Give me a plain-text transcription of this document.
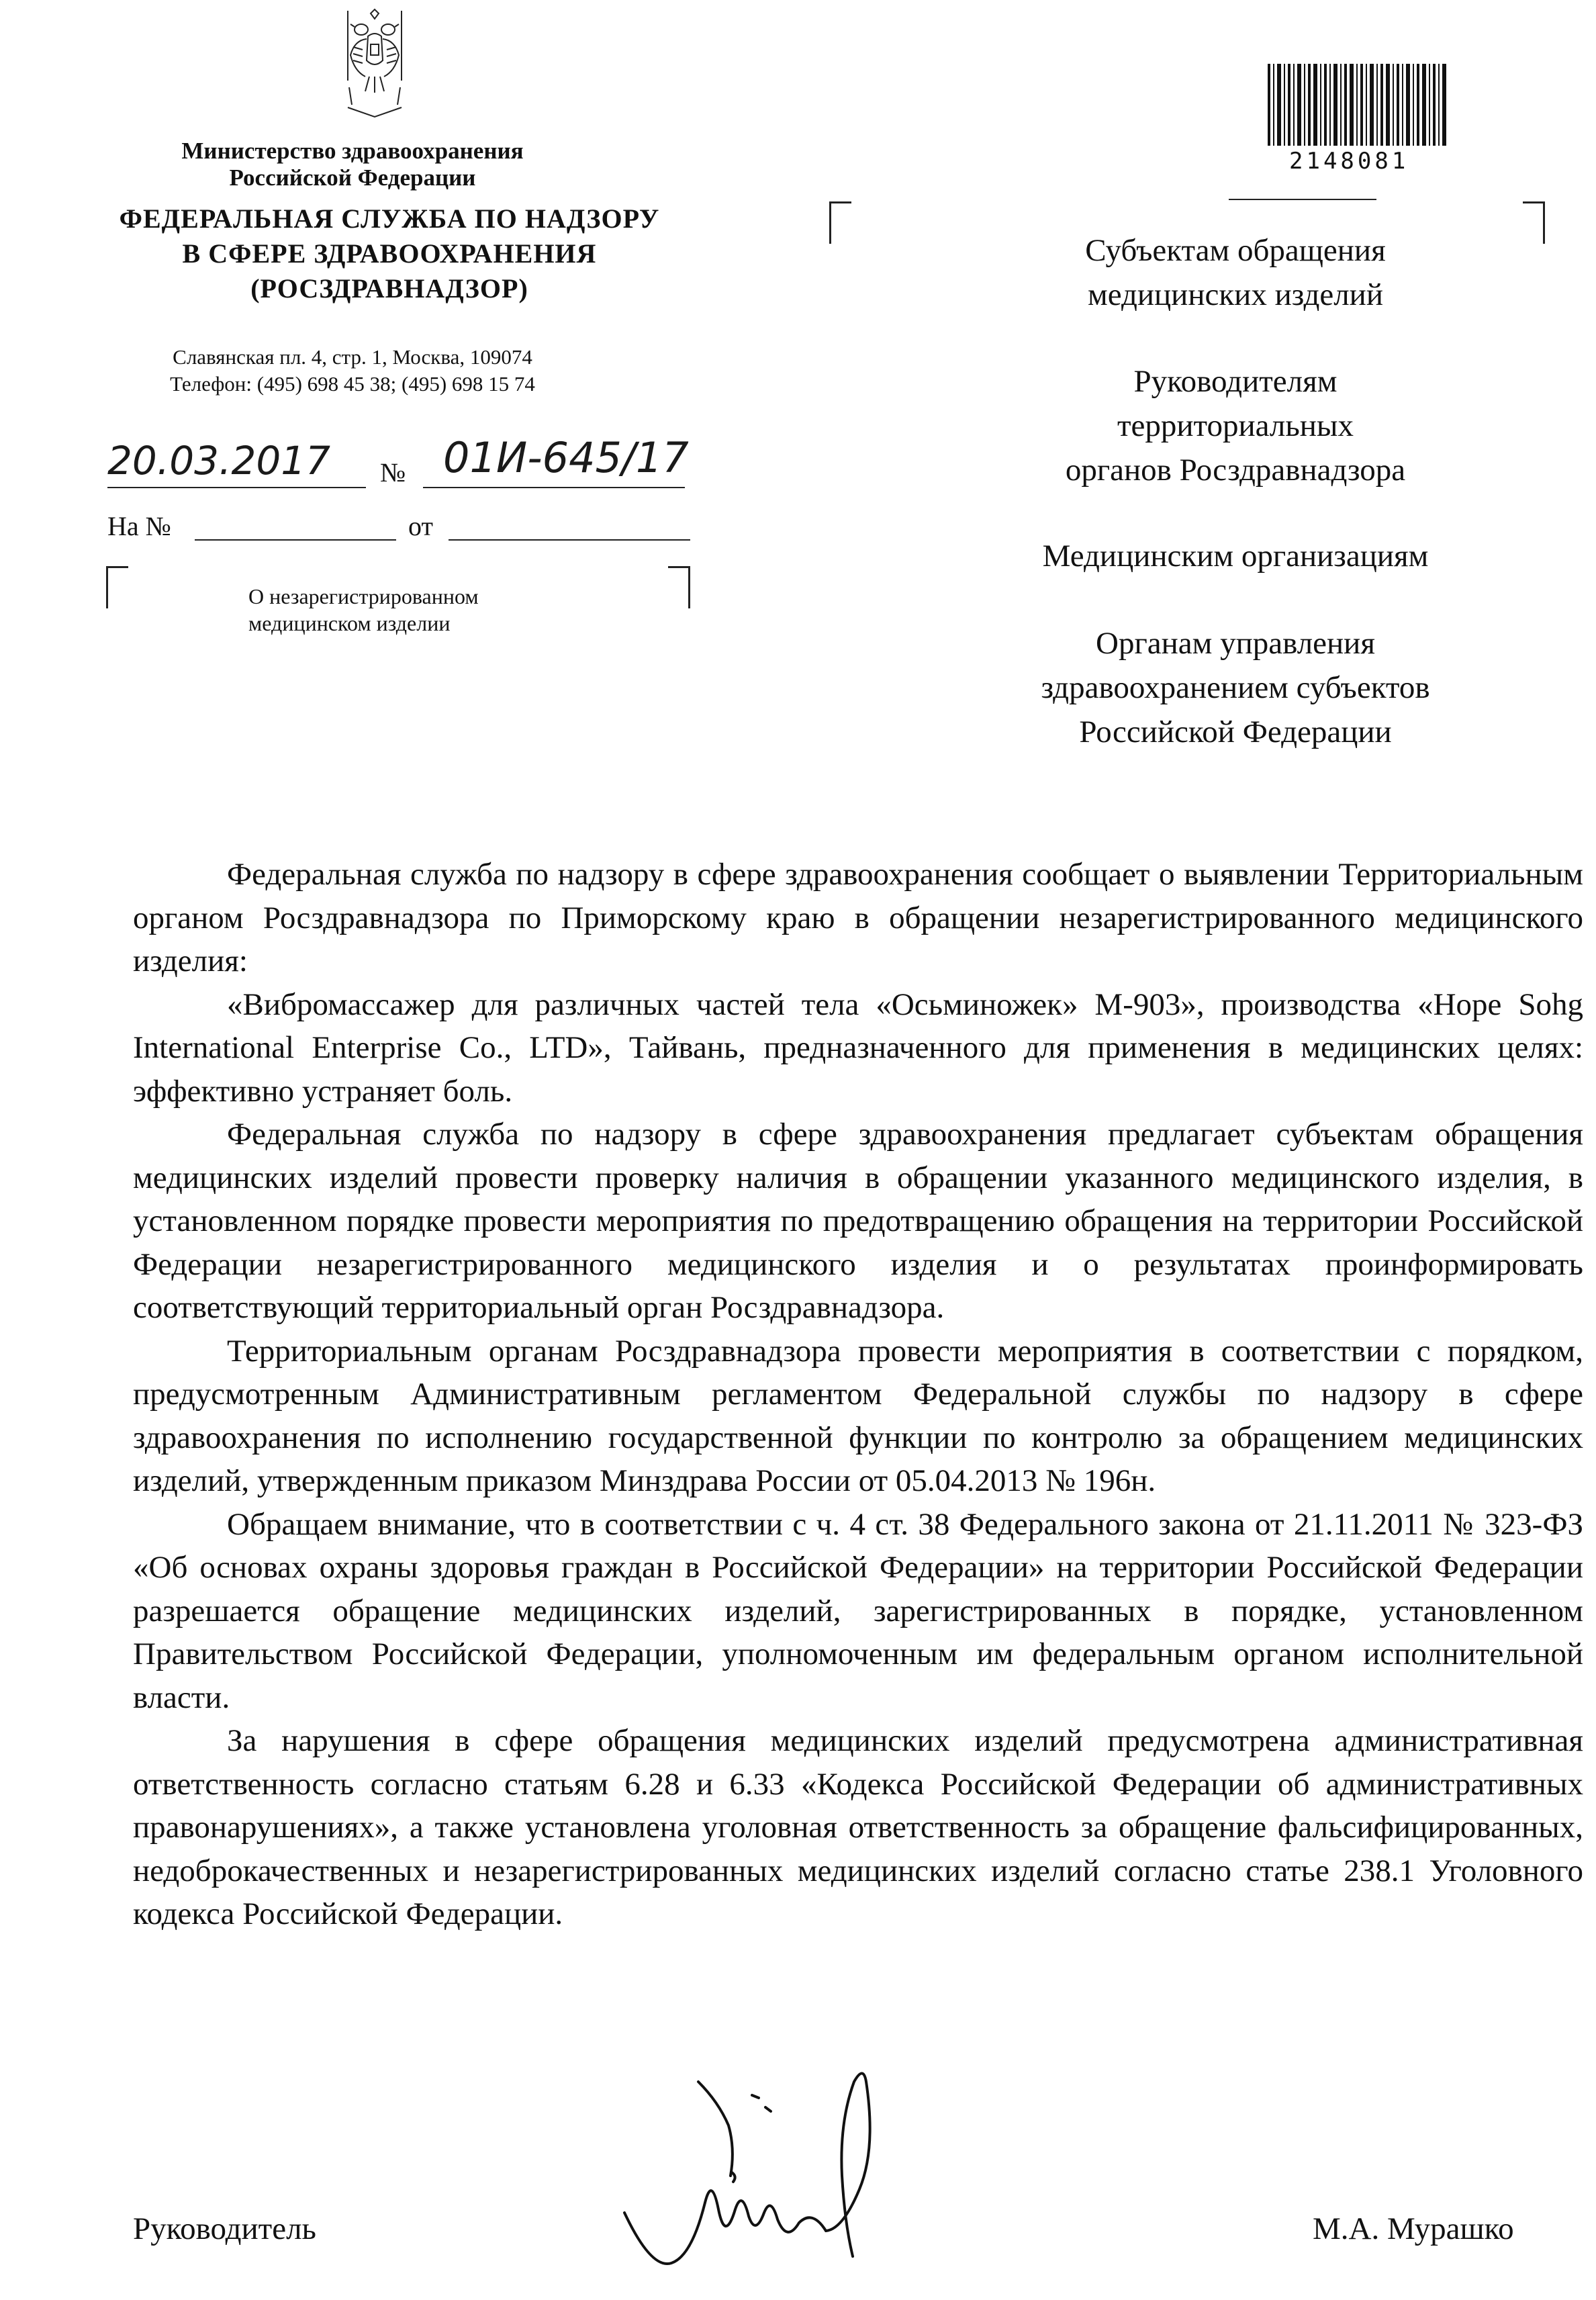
Министерство здравоохранения
Российской Федерации
ФЕДЕРАЛЬНАЯ СЛУЖБА ПО НАДЗОРУ
В СФЕРЕ ЗДРАВООХРАНЕНИЯ
(РОСЗДРАВНАДЗОР)
Славянская пл. 4, стр. 1, Москва, 109074
Телефон: (495) 698 45 38; (495) 698 15 74
20.03.2017 № 01И-645/17
На №	от
О незарегистрированном
медицинском изделии
2148081
Субъектам обращения
медицинских изделий
Руководителям
территориальных
органов Росздравнадзора
Медицинским организациям
Органам управления
здравоохранением субъектов
Российской Федерации

Федеральная служба по надзору в сфере здравоохранения сообщает о выявлении Территориальным органом Росздравнадзора по Приморскому краю в обращении незарегистрированного медицинского изделия:

«Вибромассажер для различных частей тела «Осьминожек» М-903», производства «Hope Sohg International Enterprise Co., LTD», Тайвань, предназначенного для применения в медицинских целях: эффективно устраняет боль.

Федеральная служба по надзору в сфере здравоохранения предлагает субъектам обращения медицинских изделий провести проверку наличия в обращении указанного медицинского изделия, в установленном порядке провести мероприятия по предотвращению обращения на территории Российской Федерации незарегистрированного медицинского изделия и о результатах проинформировать соответствующий территориальный орган Росздравнадзора.

Территориальным органам Росздравнадзора провести мероприятия в соответствии с порядком, предусмотренным Административным регламентом Федеральной службы по надзору в сфере здравоохранения по исполнению государственной функции по контролю за обращением медицинских изделий, утвержденным приказом Минздрава России от 05.04.2013 № 196н.

Обращаем внимание, что в соответствии с ч. 4 ст. 38 Федерального закона от 21.11.2011 № 323-ФЗ «Об основах охраны здоровья граждан в Российской Федерации» на территории Российской Федерации разрешается обращение медицинских изделий, зарегистрированных в порядке, установленном Правительством Российской Федерации, уполномоченным им федеральным органом исполнительной власти.

За нарушения в сфере обращения медицинских изделий предусмотрена административная ответственность согласно статьям 6.28 и 6.33 «Кодекса Российской Федерации об административных правонарушениях», а также установлена уголовная ответственность за обращение фальсифицированных, недоброкачественных и незарегистрированных медицинских изделий согласно статье 238.1 Уголовного кодекса Российской Федерации.

Руководитель	М.А. Мурашко
